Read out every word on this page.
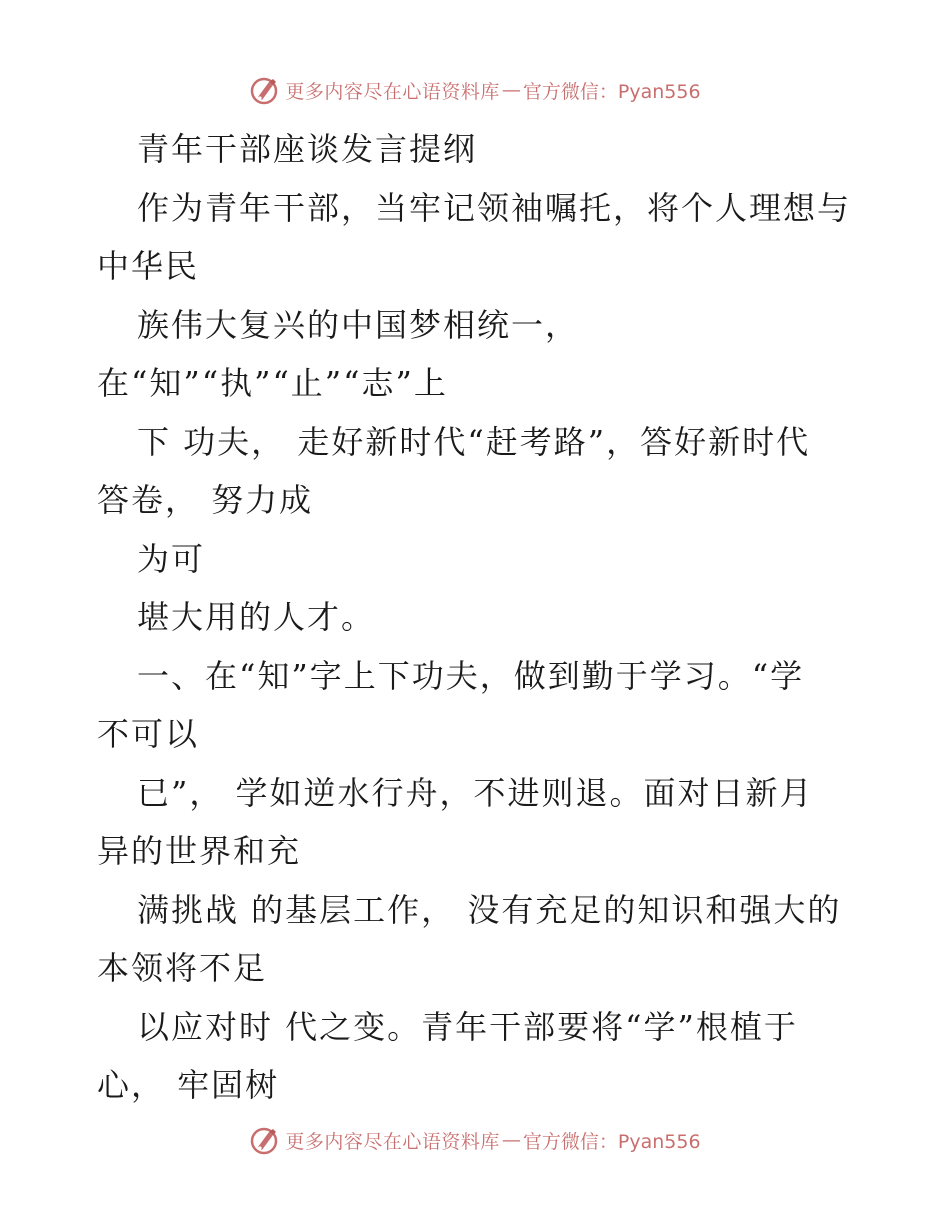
更多内容尽在心语资料库 — 官方微信：Pyan556
青年干部座谈发言提纲
作为青年干部，当牢记领袖嘱托，将个人理想与
中华民
族伟大复兴的中国梦相统一，
在“知”“执”“止”“志”上
下 功夫， 走好新时代“赶考路”，答好新时代
答卷， 努力成
为可
堪大用的人才。
一、在“知”字上下功夫，做到勤于学习。“学
不可以
已”， 学如逆水行舟，不进则退。面对日新月
异的世界和充
满挑战 的基层工作， 没有充足的知识和强大的
本领将不足
以应对时 代之变。青年干部要将“学”根植于
心， 牢固树
更多内容尽在心语资料库 — 官方微信：Pyan556
